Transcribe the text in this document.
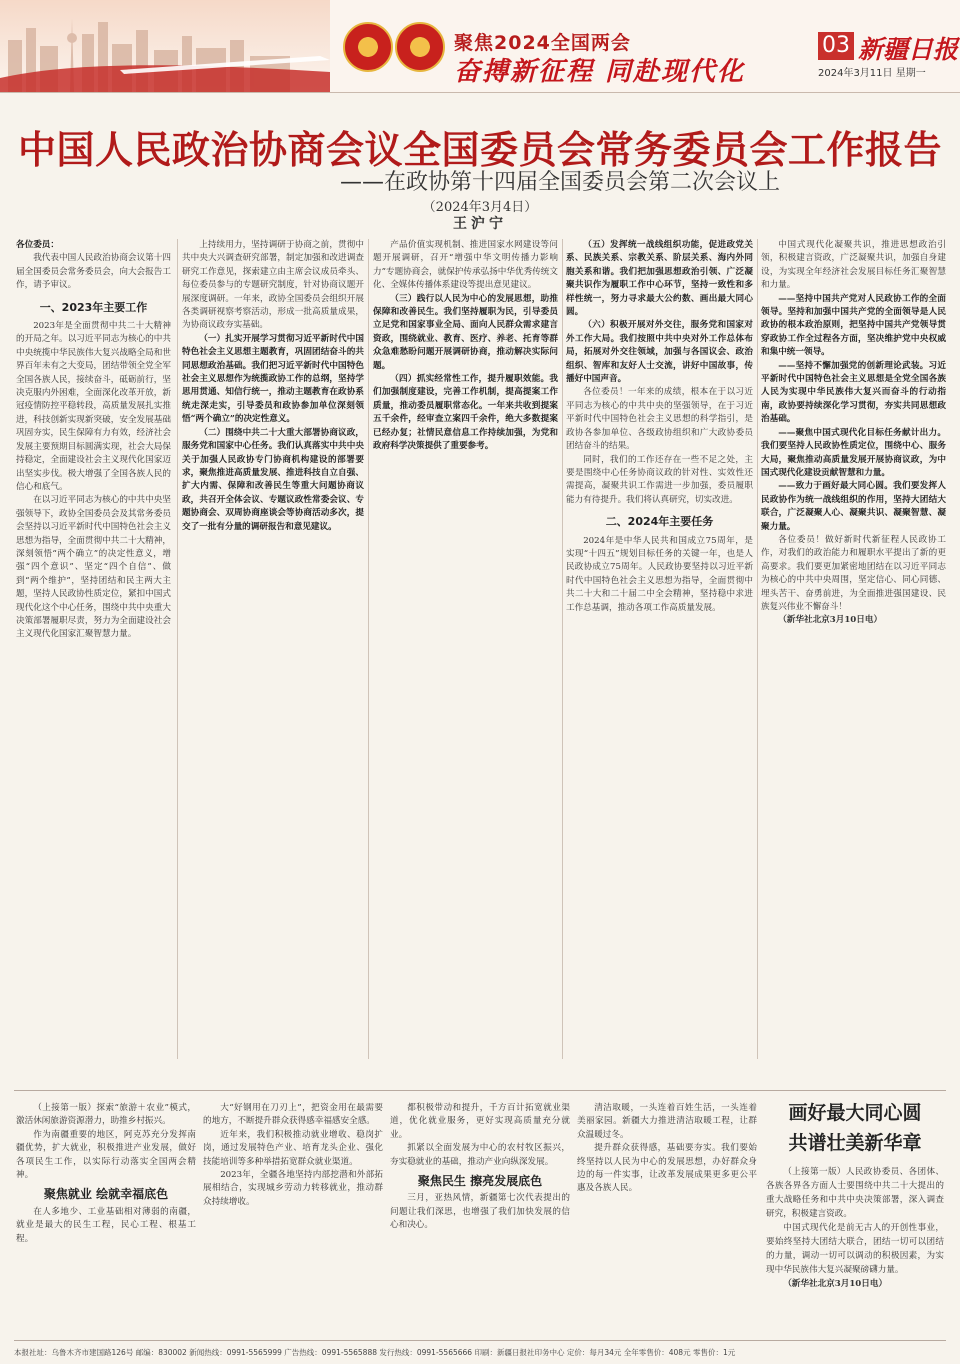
聚焦2024全国两会
奋搏新征程 同赴现代化
03 新疆日报
2024年3月11日 星期一
中国人民政治协商会议全国委员会常务委员会工作报告
——在政协第十四届全国委员会第二次会议上
（2024年3月4日）
王沪宁
各位委员：

我代表中国人民政治协商会议第十四届全国委员会常务委员会，向大会报告工作，请予审议。

一、2023年主要工作

2023年是全面贯彻中共二十大精神的开局之年。以习近平同志为核心的中共中央统揽中华民族伟大复兴战略全局和世界百年未有之大变局，团结带领全党全军全国各族人民，接续奋斗，砥砺前行，坚决克服内外困难，全面深化改革开放，新冠疫情防控平稳转段，高质量发展扎实推进，科技创新实现新突破，安全发展基础巩固夯实，民生保障有力有效，经济社会发展主要预期目标圆满实现，社会大局保持稳定，全面建设社会主义现代化国家迈出坚实步伐。极大增强了全国各族人民的信心和底气。

在以习近平同志为核心的中共中央坚强领导下，政协全国委员会及其常务委员会坚持以习近平新时代中国特色社会主义思想为指导，全面贯彻中共二十大精神，深刻领悟“两个确立”的决定性意义，增强“四个意识”、坚定“四个自信”、做到“两个维护”，坚持团结和民主两大主题，坚持人民政协性质定位，紧扣中国式现代化这个中心任务，围绕中共中央重大决策部署履职尽责，努力为全面建设社会主义现代化国家汇聚智慧力量。

上持续用力，坚持调研于协商之前，贯彻中共中央大兴调查研究部署，制定加强和改进调查研究工作意见，探索建立由主席会议成员牵头、每位委员参与的专题研究制度，针对协商议题开展深度调研。一年来，政协全国委员会组织开展各类调研视察考察活动，形成一批高质量成果，为协商议政夯实基础。

（一）扎实开展学习贯彻习近平新时代中国特色社会主义思想主题教育，巩固团结奋斗的共同思想政治基础。我们把习近平新时代中国特色社会主义思想作为统揽政协工作的总纲，坚持学思用贯通、知信行统一，推动主题教育在政协系统走深走实，引导委员和政协参加单位深刻领悟“两个确立”的决定性意义。

（二）围绕中共二十大重大部署协商议政，服务党和国家中心任务。我们认真落实中共中央关于加强人民政协专门协商机构建设的部署要求，聚焦推进高质量发展、推进科技自立自强、扩大内需、保障和改善民生等重大问题协商议政，共召开全体会议、专题议政性常委会议、专题协商会、双周协商座谈会等协商活动多次，提交了一批有分量的调研报告和意见建议。

产品价值实现机制、推进国家水网建设等问题开展调研，召开“增强中华文明传播力影响力”专题协商会，就保护传承弘扬中华优秀传统文化、全媒体传播体系建设等提出意见建议。

（三）践行以人民为中心的发展思想，助推保障和改善民生。我们坚持履职为民，引导委员立足党和国家事业全局、面向人民群众需求建言资政，围绕就业、教育、医疗、养老、托育等群众急难愁盼问题开展调研协商，推动解决实际问题。

（四）抓实经常性工作，提升履职效能。我们加强制度建设，完善工作机制，提高提案工作质量，推动委员履职常态化。一年来共收到提案五千余件，经审查立案四千余件，绝大多数提案已经办复；社情民意信息工作持续加强，为党和政府科学决策提供了重要参考。

（五）发挥统一战线组织功能，促进政党关系、民族关系、宗教关系、阶层关系、海内外同胞关系和谐。我们把加强思想政治引领、广泛凝聚共识作为履职工作中心环节，坚持一致性和多样性统一，努力寻求最大公约数、画出最大同心圆。

（六）积极开展对外交往，服务党和国家对外工作大局。我们按照中共中央对外工作总体布局，拓展对外交往领域，加强与各国议会、政治组织、智库和友好人士交流，讲好中国故事，传播好中国声音。

各位委员！一年来的成绩，根本在于以习近平同志为核心的中共中央的坚强领导，在于习近平新时代中国特色社会主义思想的科学指引，是政协各参加单位、各级政协组织和广大政协委员团结奋斗的结果。

同时，我们的工作还存在一些不足之处，主要是围绕中心任务协商议政的针对性、实效性还需提高，凝聚共识工作需进一步加强，委员履职能力有待提升。我们将认真研究，切实改进。

二、2024年主要任务

2024年是中华人民共和国成立75周年，是实现“十四五”规划目标任务的关键一年，也是人民政协成立75周年。人民政协要坚持以习近平新时代中国特色社会主义思想为指导，全面贯彻中共二十大和二十届二中全会精神，坚持稳中求进工作总基调，推动各项工作高质量发展。

中国式现代化凝聚共识，推进思想政治引领，积极建言资政，广泛凝聚共识，加强自身建设，为实现全年经济社会发展目标任务汇聚智慧和力量。

——坚持中国共产党对人民政协工作的全面领导。坚持和加强中国共产党的全面领导是人民政协的根本政治原则，把坚持中国共产党领导贯穿政协工作全过程各方面，坚决维护党中央权威和集中统一领导。

——坚持不懈加强党的创新理论武装。习近平新时代中国特色社会主义思想是全党全国各族人民为实现中华民族伟大复兴而奋斗的行动指南，政协要持续深化学习贯彻，夯实共同思想政治基础。

——聚焦中国式现代化目标任务献计出力。我们要坚持人民政协性质定位，围绕中心、服务大局，聚焦推动高质量发展开展协商议政，为中国式现代化建设贡献智慧和力量。

——致力于画好最大同心圆。我们要发挥人民政协作为统一战线组织的作用，坚持大团结大联合，广泛凝聚人心、凝聚共识、凝聚智慧、凝聚力量。

各位委员！做好新时代新征程人民政协工作，对我们的政治能力和履职水平提出了新的更高要求。我们要更加紧密地团结在以习近平同志为核心的中共中央周围，坚定信心、同心同德、埋头苦干、奋勇前进，为全面推进强国建设、民族复兴伟业不懈奋斗！

（新华社北京3月10日电）

（上接第一版）探索“旅游＋农业”模式，激活休闲旅游资源潜力，助推乡村振兴。

作为南疆重要的地区，阿克苏充分发挥南疆优势，扩大就业，积极推进产业发展，做好各项民生工作，以实际行动落实全国两会精神。

聚焦就业 绘就幸福底色

在人多地少、工业基础相对薄弱的南疆，就业是最大的民生工程，民心工程、根基工程。

大“好钢用在刀刃上”，把资金用在最需要的地方，不断提升群众获得感幸福感安全感。

近年来，我们积极推动就业增收、稳岗扩岗，通过发展特色产业、培育龙头企业、强化技能培训等多种举措拓宽群众就业渠道。

2023年，全疆各地坚持内部挖潜和外部拓展相结合，实现城乡劳动力转移就业，推动群众持续增收。

都积极带动和提升，千方百计拓宽就业渠道，优化就业服务，更好实现高质量充分就业。

抓紧以全面发展为中心的农村牧区振兴，夯实稳就业的基础，推动产业向纵深发展。

聚焦民生 擦亮发展底色

三月，亚热风情，新疆第七次代表提出的问题让我们深思，也增强了我们加快发展的信心和决心。

清洁取暖，一头连着百姓生活，一头连着美丽家园。新疆大力推进清洁取暖工程，让群众温暖过冬。

提升群众获得感，基础要夯实。我们要始终坚持以人民为中心的发展思想，办好群众身边的每一件实事，让改革发展成果更多更公平惠及各族人民。

画好最大同心圆
共谱壮美新华章

（上接第一版）人民政协委员、各团体、各族各界各方面人士要围绕中共二十大提出的重大战略任务和中共中央决策部署，深入调查研究，积极建言资政。

中国式现代化是前无古人的开创性事业，要始终坚持大团结大联合，团结一切可以团结的力量，调动一切可以调动的积极因素，为实现中华民族伟大复兴凝聚磅礴力量。

（新华社北京3月10日电）

本报社址：乌鲁木齐市建国路126号 邮编：830002 新闻热线：0991-5565999 广告热线：0991-5565888 发行热线：0991-5565666 印刷：新疆日报社印务中心 定价：每月34元 全年零售价：408元 零售价：1元
